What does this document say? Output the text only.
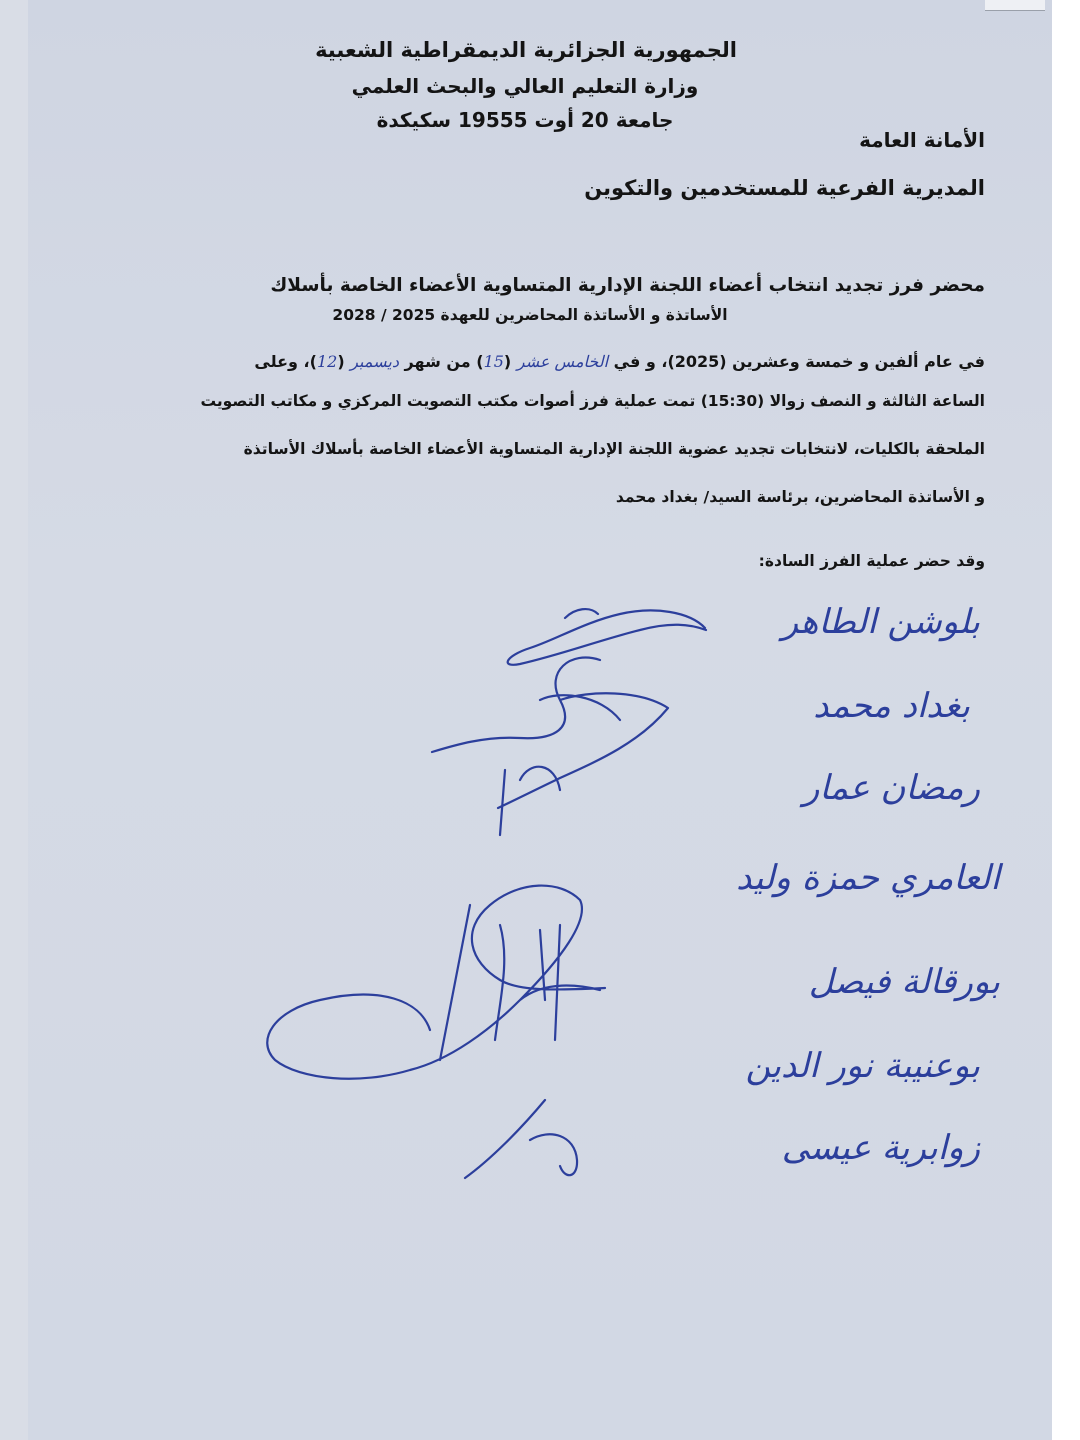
الجمهورية الجزائرية الديمقراطية الشعبية
وزارة التعليم العالي والبحث العلمي
جامعة 20 أوت 19555 سكيكدة
الأمانة العامة
المديرية الفرعية للمستخدمين والتكوين
محضر فرز تجديد انتخاب أعضاء اللجنة الإدارية المتساوية الأعضاء الخاصة بأسلاك
الأساتذة و الأساتذة المحاضرين للعهدة 2025 / 2028
في عام ألفين و خمسة وعشرين (2025)، و في الخامس عشر (15) من شهر ديسمبر (12)، وعلى
الساعة الثالثة و النصف زوالا (15:30) تمت عملية فرز أصوات مكتب التصويت المركزي و مكاتب التصويت
الملحقة بالكليات، لانتخابات تجديد عضوية اللجنة الإدارية المتساوية الأعضاء الخاصة بأسلاك الأساتذة
و الأساتذة المحاضرين، برئاسة السيد/ بغداد محمد
وقد حضر عملية الفرز السادة:
بلوشن الطاهر
بغداد محمد
رمضان عمار
العامري حمزة وليد
بورقالة فيصل
بوعنيبة نور الدين
زوابرية عيسى
